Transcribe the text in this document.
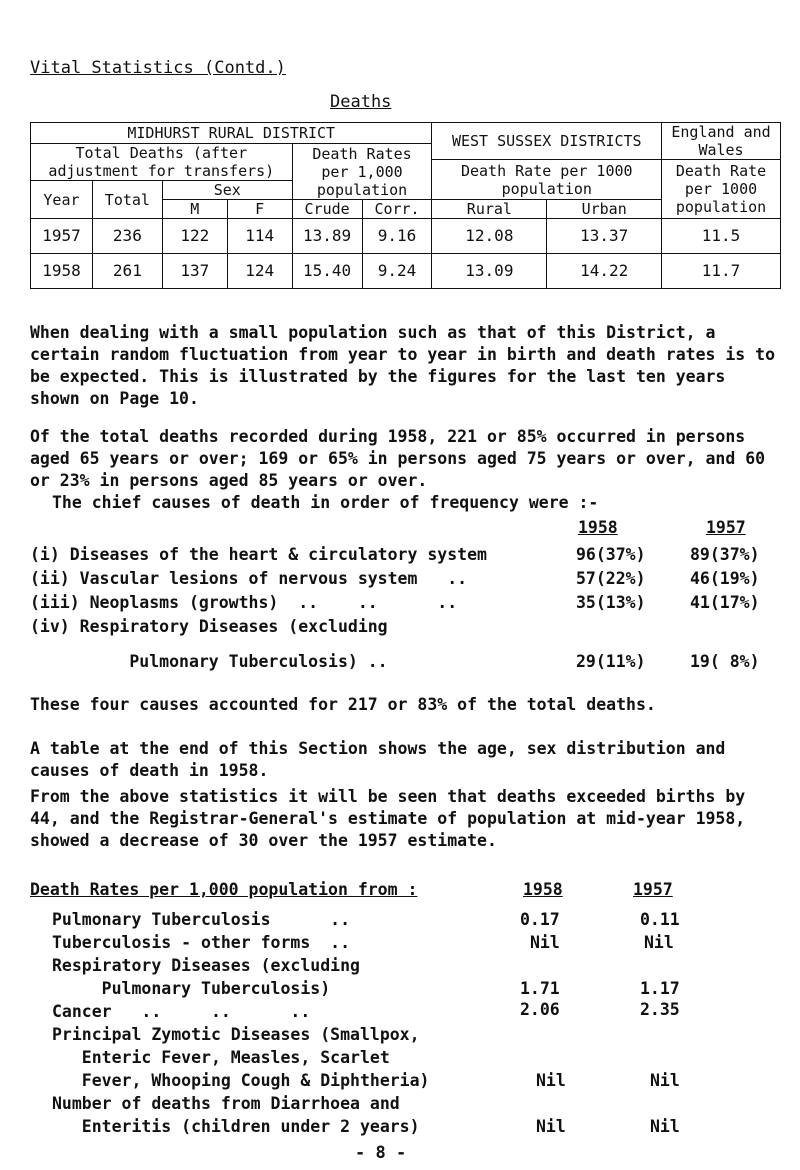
Vital Statistics (Contd.)
Deaths
MIDHURST RURAL DISTRICT						WEST SUSSEX DISTRICTS		England and Wales
Total Deaths (after adjustment for transfers)				Death Rates per 1,000 population				
						Death Rate per 1000 population		Death Rate per 1000 population
Year	Total	Sex						
		M	F	Crude	Corr.	Rural	Urban	
1957	236	122	114	13.89	9.16	12.08	13.37	11.5
1958	261	137	124	15.40	9.24	13.09	14.22	11.7

When dealing with a small population such as that of this District, a certain random fluctuation from year to year in birth and death rates is to be expected. This is illustrated by the figures for the last ten years shown on Page 10.

Of the total deaths recorded during 1958, 221 or 85% occurred in persons aged 65 years or over; 169 or 65% in persons aged 75 years or over, and 60 or 23% in persons aged 85 years or over.

The chief causes of death in order of frequency were :-

1958	1957
(i) Diseases of the heart & circulatory system	96(37%)	89(37%)
(ii) Vascular lesions of nervous system   ..	57(22%)	46(19%)
(iii) Neoplasms (growths)  ..    ..      ..	35(13%)	41(17%)
(iv) Respiratory Diseases (excluding
Pulmonary Tuberculosis) ..	29(11%)	19( 8%)

These four causes accounted for 217 or 83% of the total deaths.

A table at the end of this Section shows the age, sex distribution and causes of death in 1958.

From the above statistics it will be seen that deaths exceeded births by 44, and the Registrar-General's estimate of population at mid-year 1958, showed a decrease of 30 over the 1957 estimate.

Death Rates per 1,000 population from :	1958	1957
Pulmonary Tuberculosis      ..	0.17	0.11
Tuberculosis - other forms  ..	Nil	Nil
Respiratory Diseases (excluding
Pulmonary Tuberculosis)	1.71	1.17
Cancer   ..     ..      ..	2.06	2.35
Principal Zymotic Diseases (Smallpox,
Enteric Fever, Measles, Scarlet
Fever, Whooping Cough & Diphtheria)	Nil	Nil
Number of deaths from Diarrhoea and
Enteritis (children under 2 years)	Nil	Nil
- 8 -
